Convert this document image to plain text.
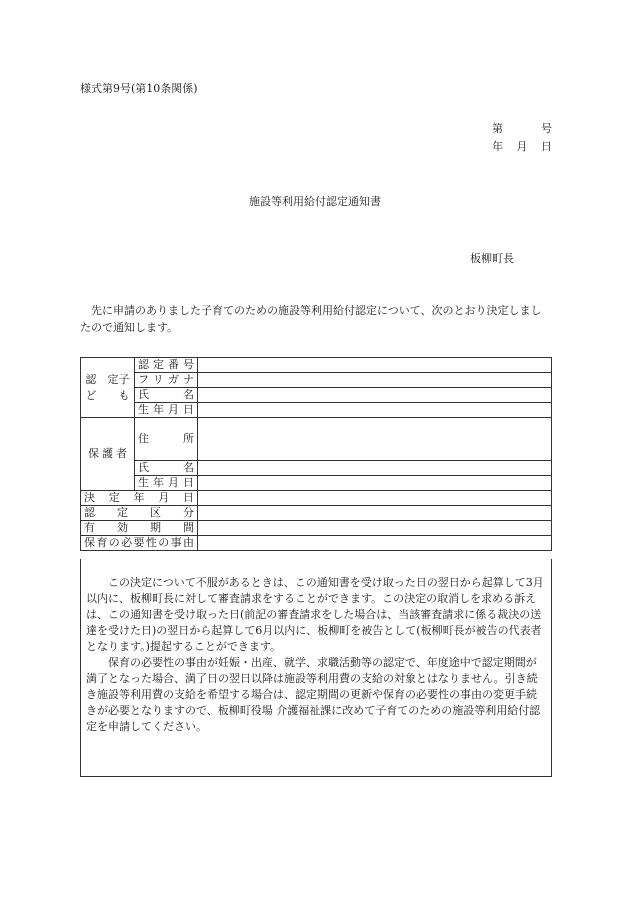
様式第9号(第10条関係)
第	号
年 月 日
施設等利用給付認定通知書
板柳町長
先に申請のありました子育てのための施設等利用給付認定について、次のとおり決定しましたので通知します。
認　定子ども	認定番号	
	フリガナ	
	氏　　名	
	生年月日	
保護者	住　　所	
	氏　　名	
	生年月日	
決 定 年 月 日		
認　定　区　分		
有　効　期　間		
保育の必要性の事由		

この決定について不服があるときは、この通知書を受け取った日の翌日から起算して3月以内に、板柳町長に対して審査請求をすることができます。この決定の取消しを求める訴えは、この通知書を受け取った日(前記の審査請求をした場合は、当該審査請求に係る裁決の送達を受けた日)の翌日から起算して6月以内に、板柳町を被告として(板柳町長が被告の代表者となります。)提起することができます。

保育の必要性の事由が妊娠・出産、就学、求職活動等の認定で、年度途中で認定期間が満了となった場合、満了日の翌日以降は施設等利用費の支給の対象とはなりません。引き続き施設等利用費の支給を希望する場合は、認定期間の更新や保育の必要性の事由の変更手続きが必要となりますので、板柳町役場 介護福祉課に改めて子育てのための施設等利用給付認定を申請してください。
